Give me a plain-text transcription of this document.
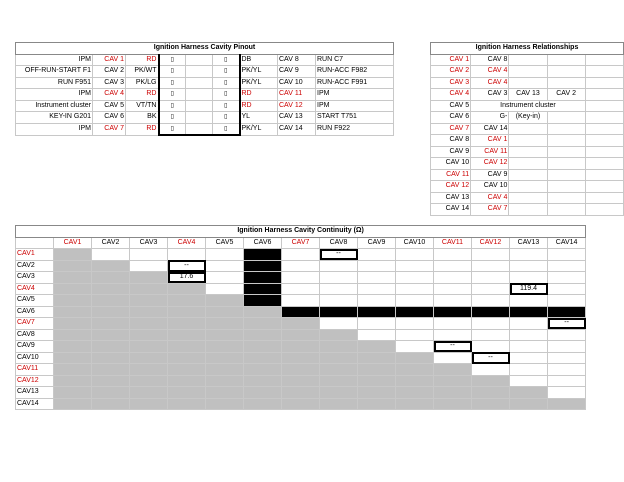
Ignition Harness Cavity Pinout								
IPM	CAV 1	RD	▯		▯	DB	CAV 8	RUN C7
OFF-RUN-START F1	CAV 2	PK/WT	▯		▯	PK/YL	CAV 9	RUN-ACC F982
RUN F951	CAV 3	PK/LG	▯		▯	PK/YL	CAV 10	RUN-ACC F991
IPM	CAV 4	RD	▯		▯	RD	CAV 11	IPM
Instrument cluster	CAV 5	VT/TN	▯		▯	RD	CAV 12	IPM
KEY-IN G201	CAV 6	BK	▯		▯	YL	CAV 13	START T751
IPM	CAV 7	RD	▯		▯	PK/YL	CAV 14	RUN F922
Ignition Harness Relationships				
CAV 1	CAV 8			
CAV 2	CAV 4			
CAV 3	CAV 4			
CAV 4	CAV 3	CAV 13	CAV 2	
CAV 5	Instrument cluster			
CAV 6	G-	(Key-in)		
CAV 7	CAV 14			
CAV 8	CAV 1			
CAV 9	CAV 11			
CAV 10	CAV 12			
CAV 11	CAV 9			
CAV 12	CAV 10			
CAV 13	CAV 4			
CAV 14	CAV 7			
Ignition Harness Cavity Continuity (Ω)														
	CAV1	CAV2	CAV3	CAV4	CAV5	CAV6	CAV7	CAV8	CAV9	CAV10	CAV11	CAV12	CAV13	CAV14
CAV1								--						
CAV2				--										
CAV3				17.6										
CAV4													119.4	
CAV5														
CAV6														
CAV7														--
CAV8														
CAV9											--			
CAV10												--		
CAV11														
CAV12														
CAV13														
CAV14														
